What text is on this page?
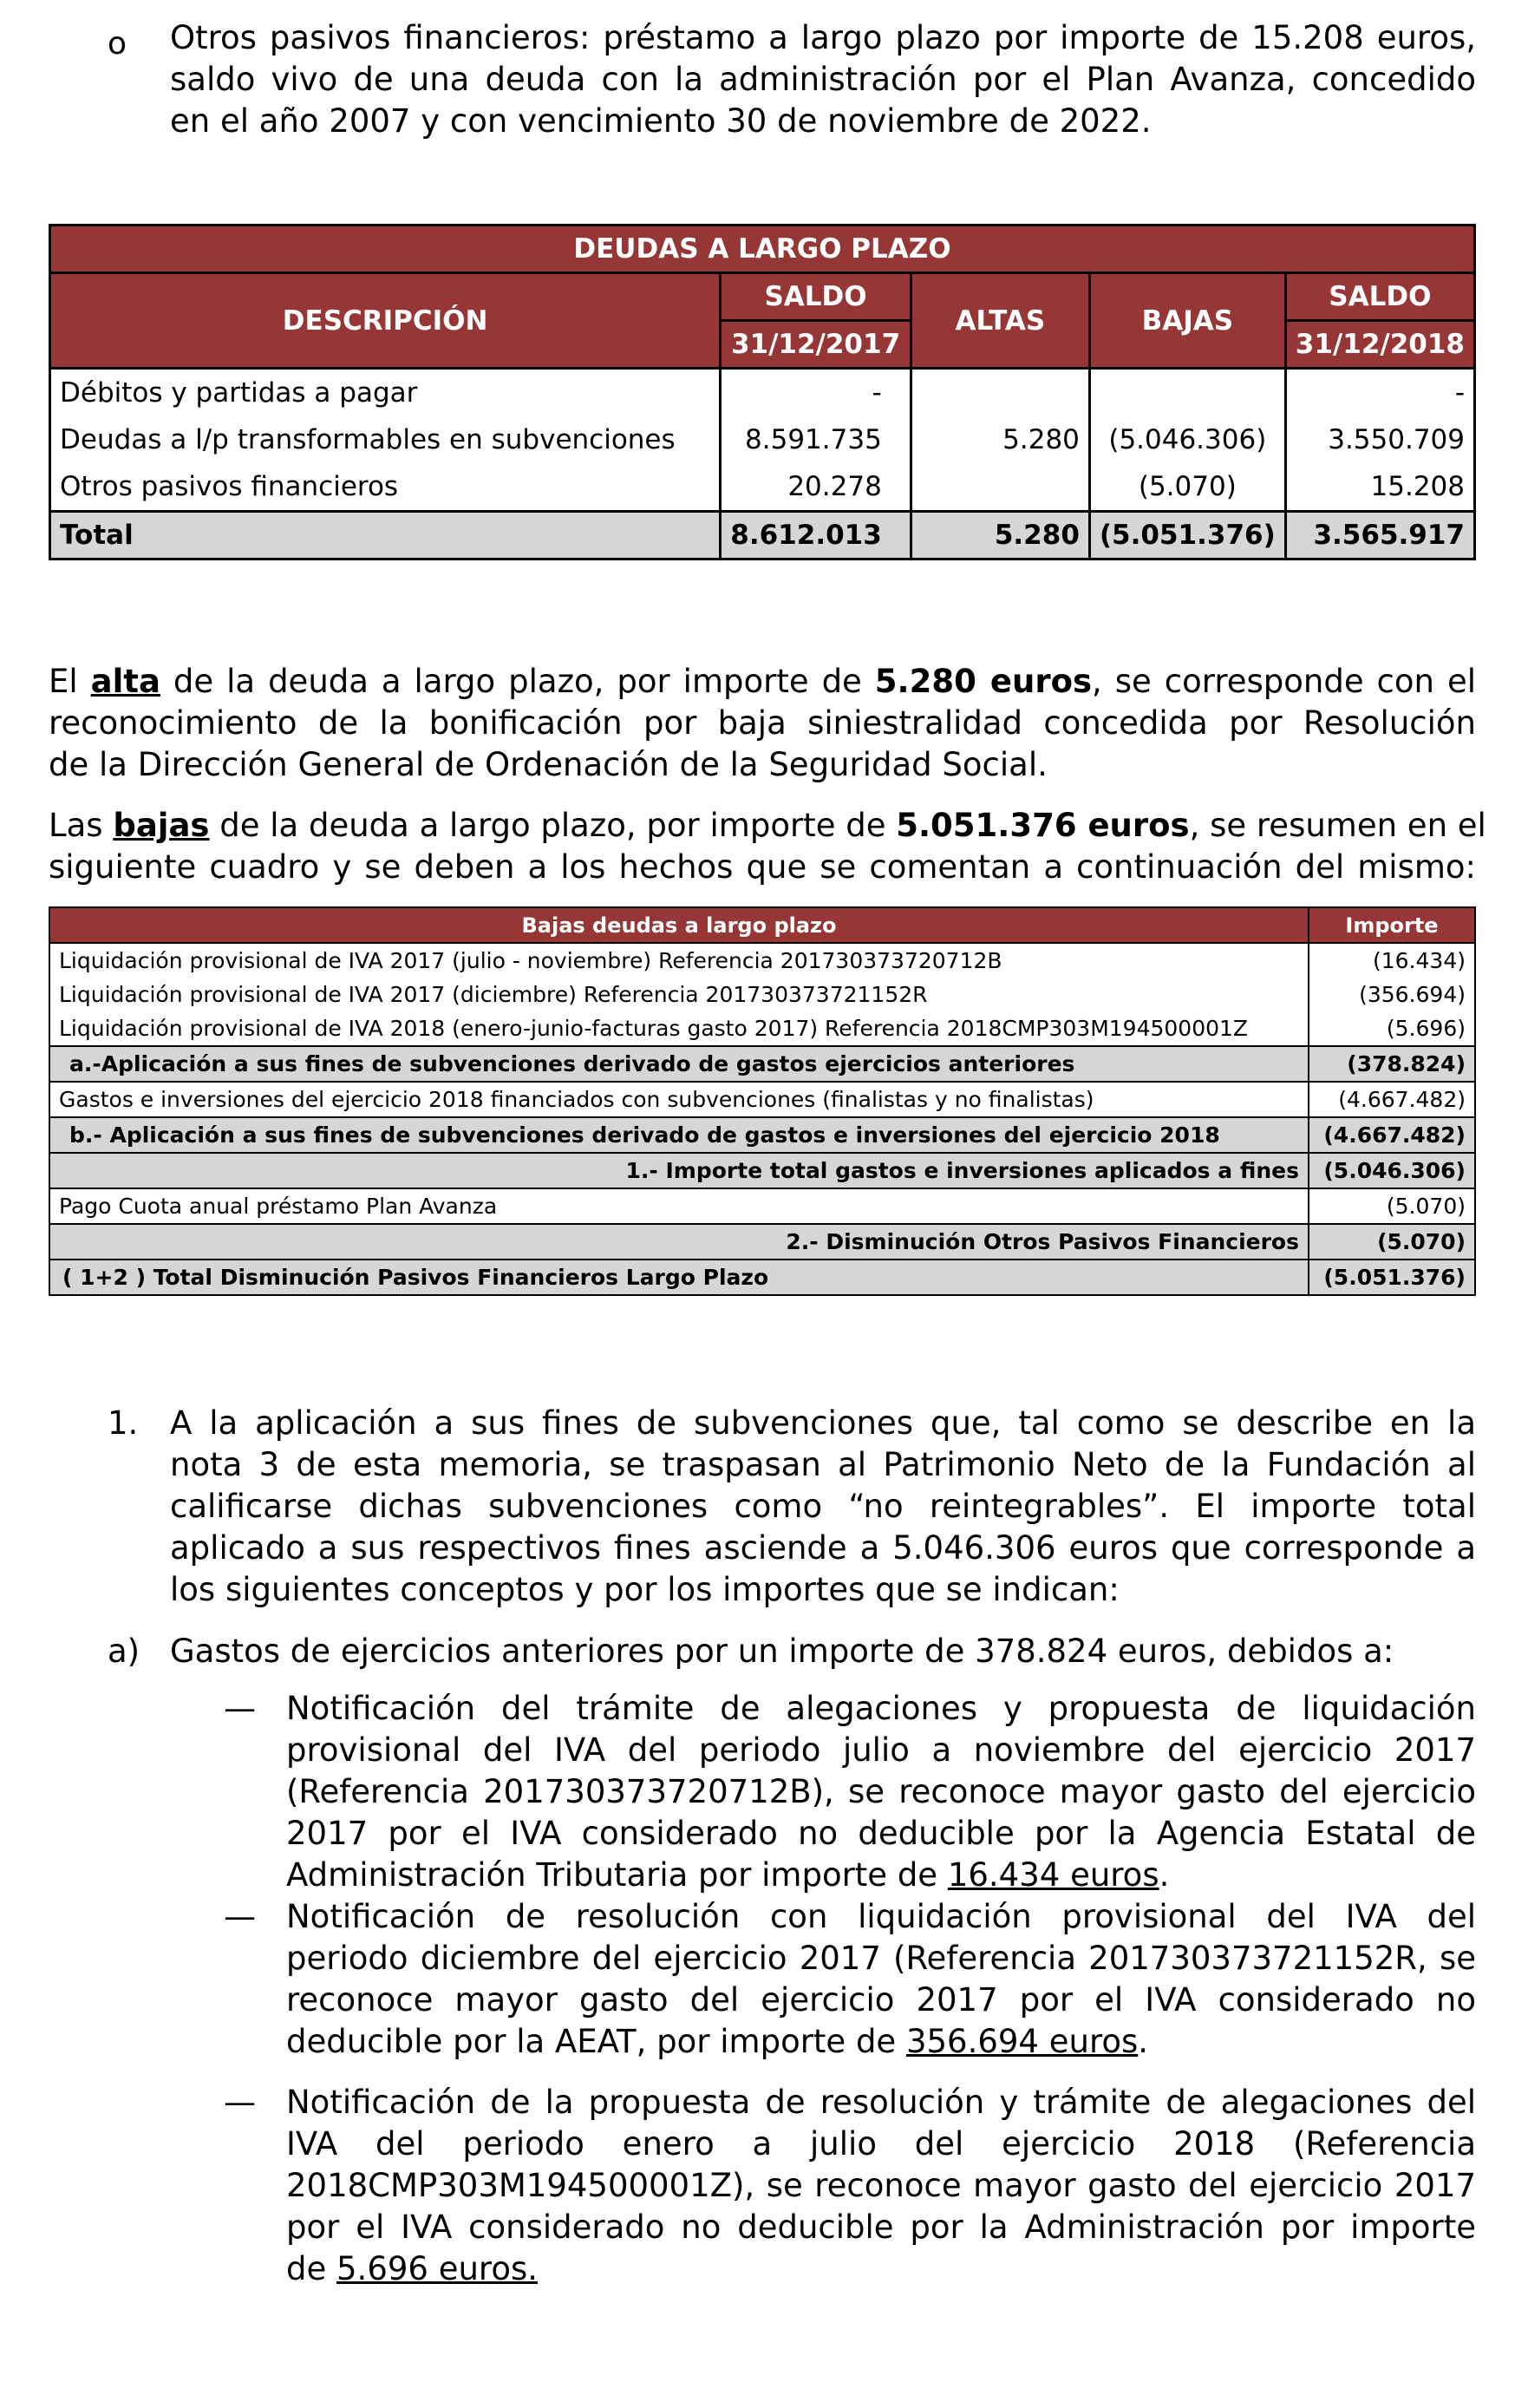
o Otros pasivos financieros: préstamo a largo plazo por importe de 15.208 euros,
saldo vivo de una deuda con la administración por el Plan Avanza, concedido
en el año 2007 y con vencimiento 30 de noviembre de 2022.
DEUDAS A LARGO PLAZO				
DESCRIPCIÓN	SALDO	ALTAS	BAJAS	SALDO
	31/12/2017			31/12/2018
Débitos y partidas a pagar	-			-
Deudas a l/p transformables en subvenciones	8.591.735	5.280	(5.046.306)	3.550.709
Otros pasivos financieros	20.278		(5.070)	15.208
Total	8.612.013	5.280	(5.051.376)	3.565.917
El alta de la deuda a largo plazo, por importe de 5.280 euros, se corresponde con el
reconocimiento de la bonificación por baja siniestralidad concedida por Resolución
de la Dirección General de Ordenación de la Seguridad Social.
Las bajas de la deuda a largo plazo, por importe de 5.051.376 euros, se resumen en el
siguiente cuadro y se deben a los hechos que se comentan a continuación del mismo:
Bajas deudas a largo plazo	Importe
Liquidación provisional de IVA 2017 (julio - noviembre) Referencia 201730373720712B	(16.434)
Liquidación provisional de IVA 2017 (diciembre) Referencia 201730373721152R	(356.694)
Liquidación provisional de IVA 2018 (enero-junio-facturas gasto 2017) Referencia 2018CMP303M194500001Z	(5.696)
a.-Aplicación a sus fines de subvenciones derivado de gastos ejercicios anteriores	(378.824)
Gastos e inversiones del ejercicio 2018 financiados con subvenciones (finalistas y no finalistas)	(4.667.482)
b.- Aplicación a sus fines de subvenciones derivado de gastos e inversiones del ejercicio 2018	(4.667.482)
1.- Importe total gastos e inversiones aplicados a fines	(5.046.306)
Pago Cuota anual préstamo Plan Avanza	(5.070)
2.- Disminución Otros Pasivos Financieros	(5.070)
( 1+2 ) Total Disminución Pasivos Financieros Largo Plazo	(5.051.376)
1. A la aplicación a sus fines de subvenciones que, tal como se describe en la
nota 3 de esta memoria, se traspasan al Patrimonio Neto de la Fundación al
calificarse dichas subvenciones como “no reintegrables”. El importe total
aplicado a sus respectivos fines asciende a 5.046.306 euros que corresponde a
los siguientes conceptos y por los importes que se indican:
a) Gastos de ejercicios anteriores por un importe de 378.824 euros, debidos a:
— Notificación del trámite de alegaciones y propuesta de liquidación
provisional del IVA del periodo julio a noviembre del ejercicio 2017
(Referencia 201730373720712B), se reconoce mayor gasto del ejercicio
2017 por el IVA considerado no deducible por la Agencia Estatal de
Administración Tributaria por importe de 16.434 euros.
— Notificación de resolución con liquidación provisional del IVA del
periodo diciembre del ejercicio 2017 (Referencia 201730373721152R, se
reconoce mayor gasto del ejercicio 2017 por el IVA considerado no
deducible por la AEAT, por importe de 356.694 euros.
— Notificación de la propuesta de resolución y trámite de alegaciones del
IVA del periodo enero a julio del ejercicio 2018 (Referencia
2018CMP303M194500001Z), se reconoce mayor gasto del ejercicio 2017
por el IVA considerado no deducible por la Administración por importe
de 5.696 euros.
